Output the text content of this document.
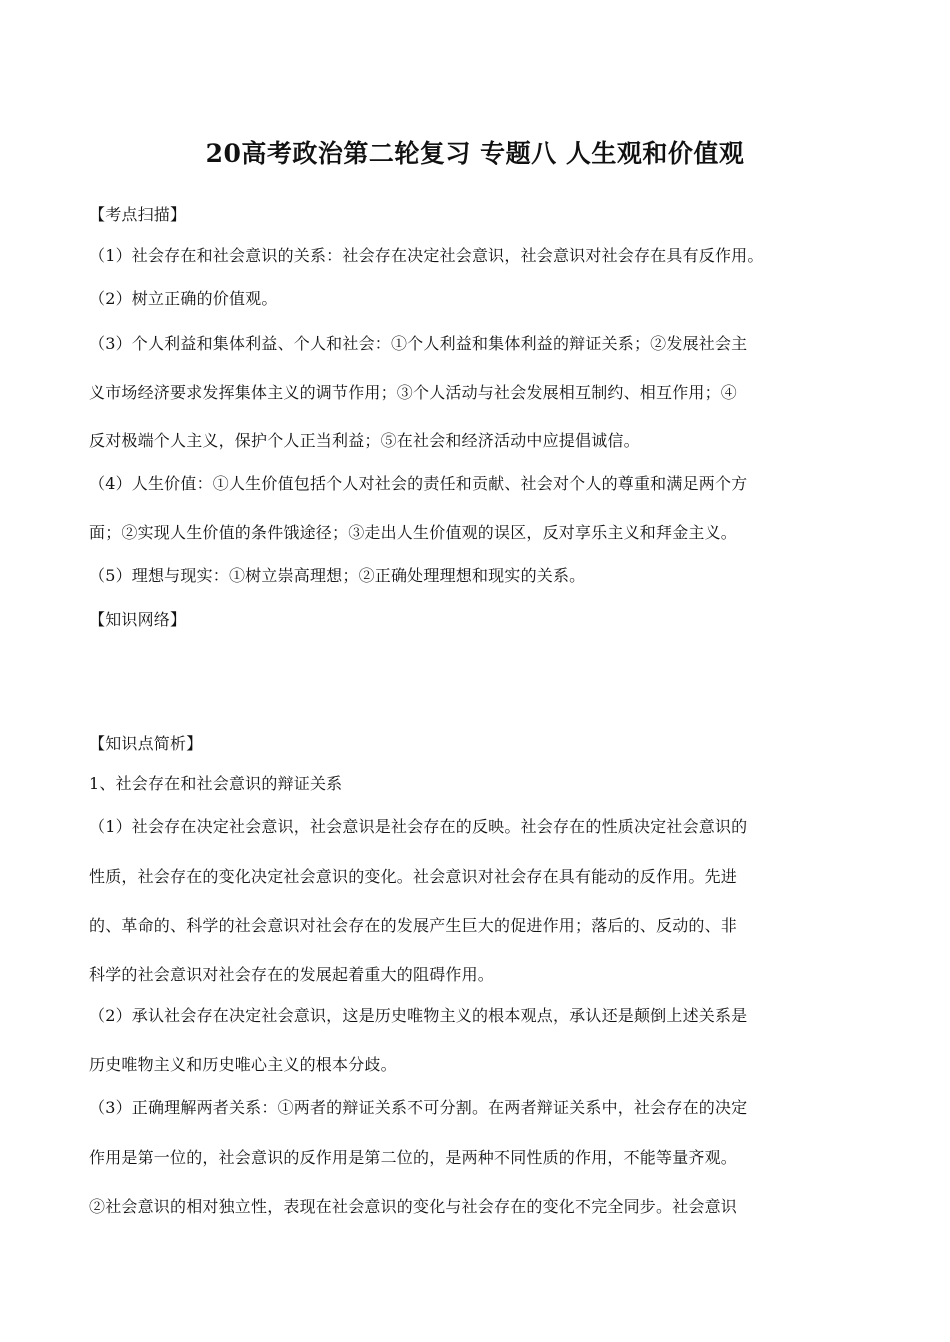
20高考政治第二轮复习 专题八 人生观和价值观
【考点扫描】
（1）社会存在和社会意识的关系：社会存在决定社会意识，社会意识对社会存在具有反作用。
（2）树立正确的价值观。
（3）个人利益和集体利益、个人和社会：①个人利益和集体利益的辩证关系；②发展社会主
义市场经济要求发挥集体主义的调节作用；③个人活动与社会发展相互制约、相互作用；④
反对极端个人主义，保护个人正当利益；⑤在社会和经济活动中应提倡诚信。
（4）人生价值：①人生价值包括个人对社会的责任和贡献、社会对个人的尊重和满足两个方
面；②实现人生价值的条件饿途径；③走出人生价值观的误区，反对享乐主义和拜金主义。
（5）理想与现实：①树立崇高理想；②正确处理理想和现实的关系。
【知识网络】
【知识点简析】
1、社会存在和社会意识的辩证关系
（1）社会存在决定社会意识，社会意识是社会存在的反映。社会存在的性质决定社会意识的
性质，社会存在的变化决定社会意识的变化。社会意识对社会存在具有能动的反作用。先进
的、革命的、科学的社会意识对社会存在的发展产生巨大的促进作用；落后的、反动的、非
科学的社会意识对社会存在的发展起着重大的阻碍作用。
（2）承认社会存在决定社会意识，这是历史唯物主义的根本观点，承认还是颠倒上述关系是
历史唯物主义和历史唯心主义的根本分歧。
（3）正确理解两者关系：①两者的辩证关系不可分割。在两者辩证关系中，社会存在的决定
作用是第一位的，社会意识的反作用是第二位的，是两种不同性质的作用，不能等量齐观。
②社会意识的相对独立性，表现在社会意识的变化与社会存在的变化不完全同步。社会意识
